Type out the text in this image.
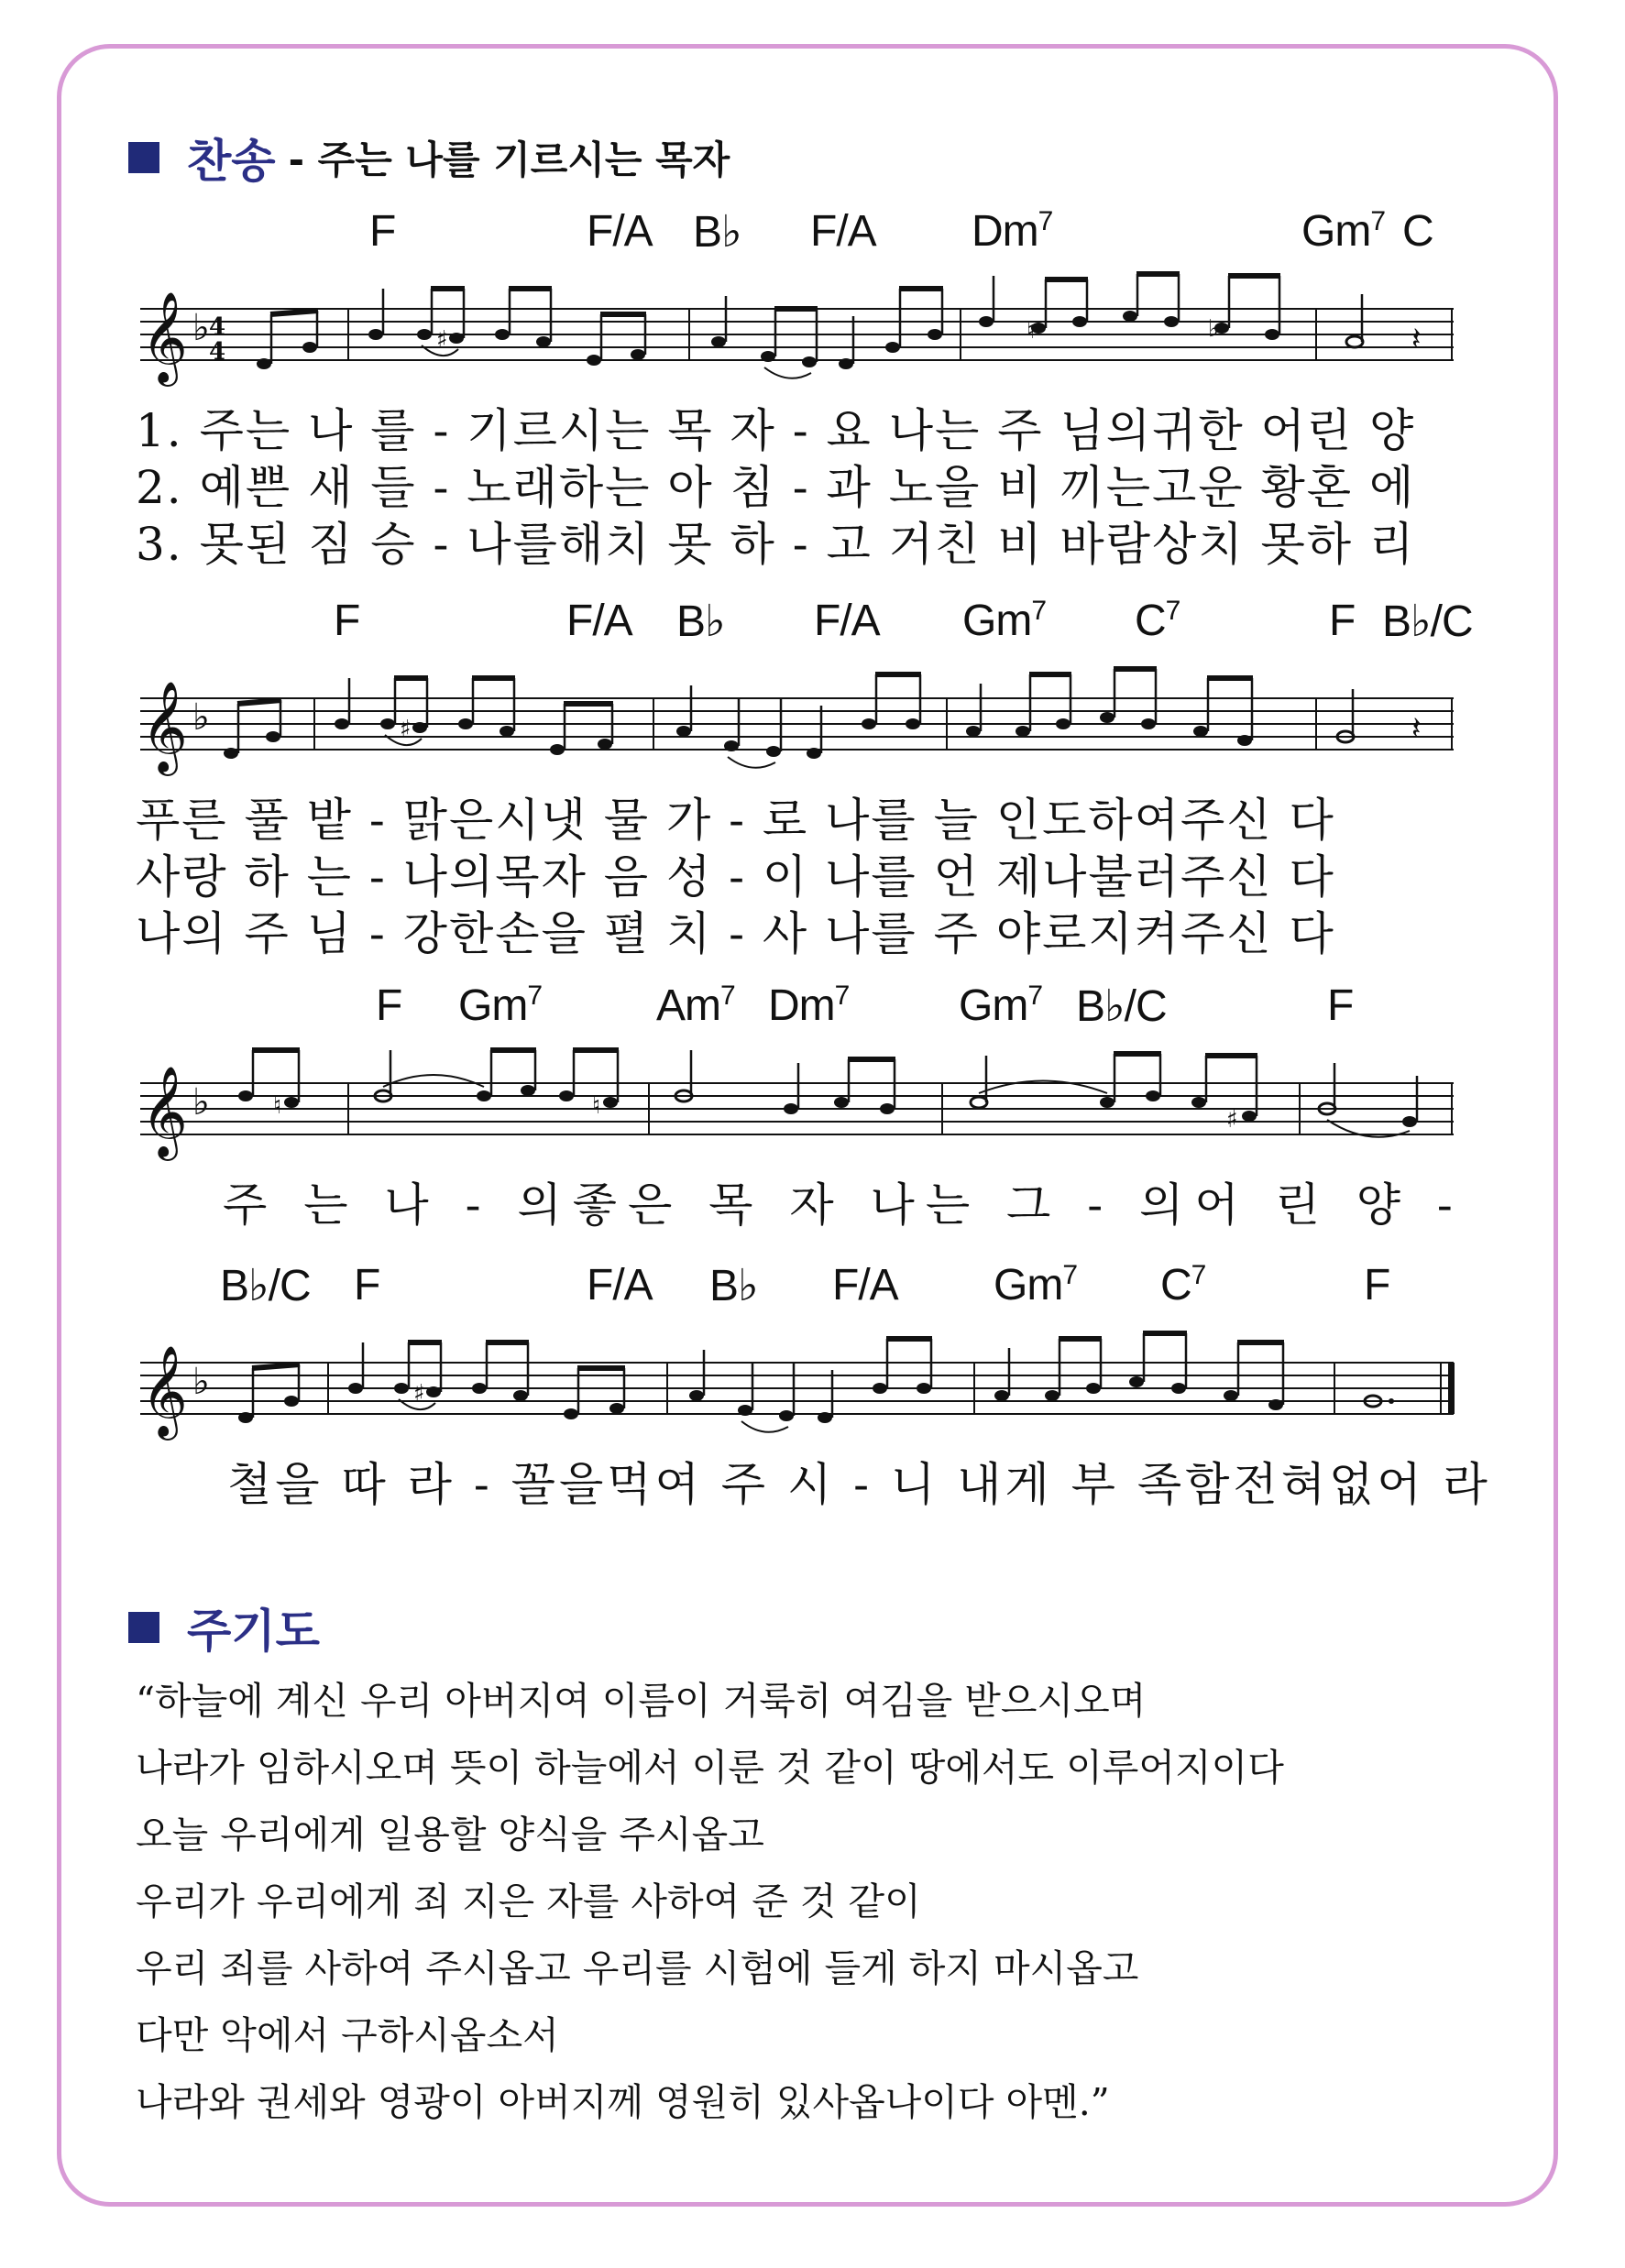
찬송 - 주는 나를 기르시는 목자
F	F/A B♭ F/A Dm$^7$	Gm$^7$ C
𝄞 ♭ 4
4	𝄽
♯	♮	♭
1. 주는 나 를 - 기르시는 목 자 - 요 나는 주 님의귀한 어린 양
2. 예쁜 새 들 - 노래하는 아 침 - 과 노을 비 끼는고운 황혼 에
3. 못된 짐 승 - 나를해치 못 하 - 고 거친 비 바람상치 못하 리
F	F/A B♭ F/A Gm$^7$ $C^7$	F B♭/C
𝄞 ♭	𝄽
♯
푸른 풀 밭 - 맑은시냇 물 가 - 로 나를 늘 인도하여주신 다
사랑 하 는 - 나의목자 음 성 - 이 나를 언 제나불러주신 다
나의 주 님 - 강한손을 펼 치 - 사 나를 주 야로지켜주신 다
F Gm$^7$	Am$^7$ Dm$^7$ Gm$^7$ B♭/C	F
𝄞 ♭	♮	♮	♯
주 는 나 - 의좋은 목 자 나는 그 - 의어 린 양 -
B♭/C F	F/A B♭ F/A Gm$^7$ $C^7$	F
𝄞 ♭	♯
철을 따 라 - 꼴을먹여 주 시 - 니 내게 부 족함전혀없어 라
주기도
“하늘에 계신 우리 아버지여 이름이 거룩히 여김을 받으시오며
나라가 임하시오며 뜻이 하늘에서 이룬 것 같이 땅에서도 이루어지이다
오늘 우리에게 일용할 양식을 주시옵고
우리가 우리에게 죄 지은 자를 사하여 준 것 같이
우리 죄를 사하여 주시옵고 우리를 시험에 들게 하지 마시옵고
다만 악에서 구하시옵소서
나라와 권세와 영광이 아버지께 영원히 있사옵나이다 아멘.”
